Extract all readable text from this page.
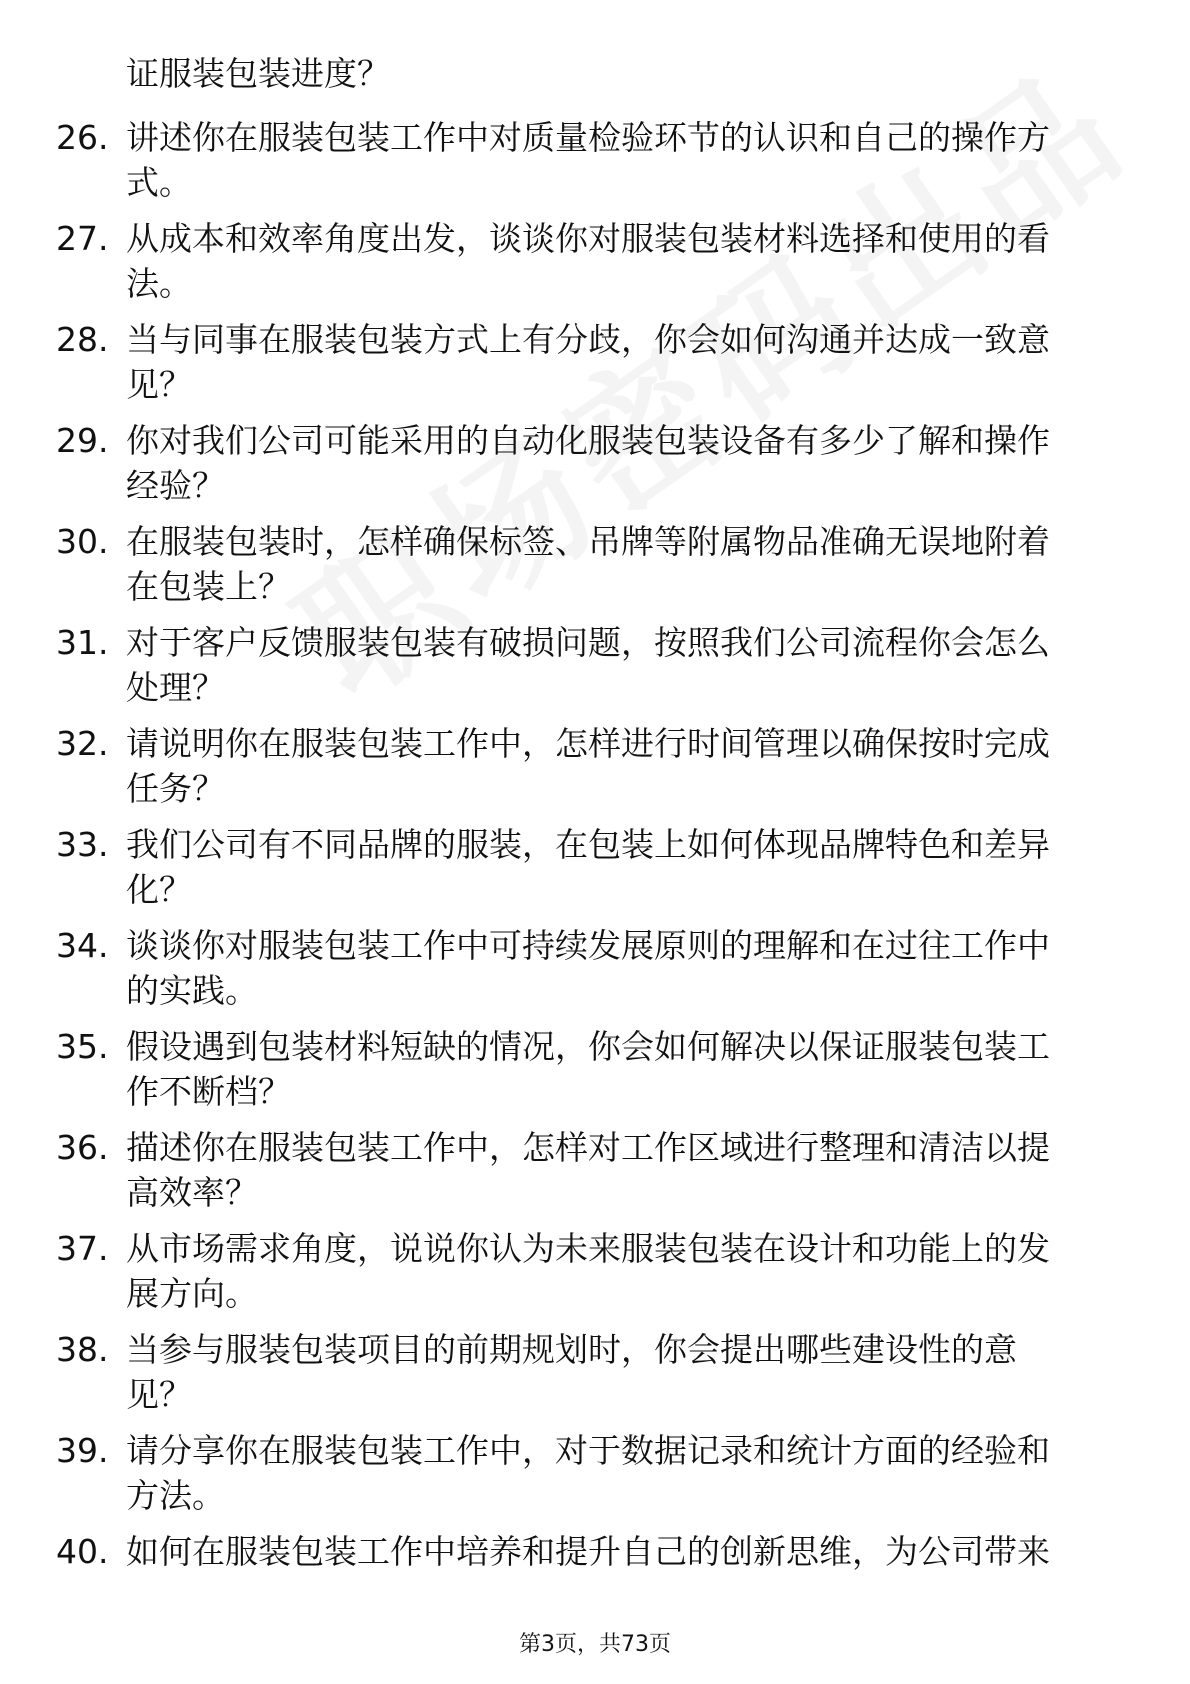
证服装包装进度？
26. 讲述你在服装包装工作中对质量检验环节的认识和自己的操作方
式。
27. 从成本和效率角度出发，谈谈你对服装包装材料选择和使用的看
法。
28. 当与同事在服装包装方式上有分歧，你会如何沟通并达成一致意
见？
29. 你对我们公司可能采用的自动化服装包装设备有多少了解和操作
经验？
30. 在服装包装时，怎样确保标签、吊牌等附属物品准确无误地附着
在包装上？
31. 对于客户反馈服装包装有破损问题，按照我们公司流程你会怎么
处理？
32. 请说明你在服装包装工作中，怎样进行时间管理以确保按时完成
任务？
33. 我们公司有不同品牌的服装，在包装上如何体现品牌特色和差异
化？
34. 谈谈你对服装包装工作中可持续发展原则的理解和在过往工作中
的实践。
35. 假设遇到包装材料短缺的情况，你会如何解决以保证服装包装工
作不断档？
36. 描述你在服装包装工作中，怎样对工作区域进行整理和清洁以提
高效率？
37. 从市场需求角度，说说你认为未来服装包装在设计和功能上的发
展方向。
38. 当参与服装包装项目的前期规划时，你会提出哪些建设性的意
见？
39. 请分享你在服装包装工作中，对于数据记录和统计方面的经验和
方法。
40. 如何在服装包装工作中培养和提升自己的创新思维，为公司带来
第3页，共73页
